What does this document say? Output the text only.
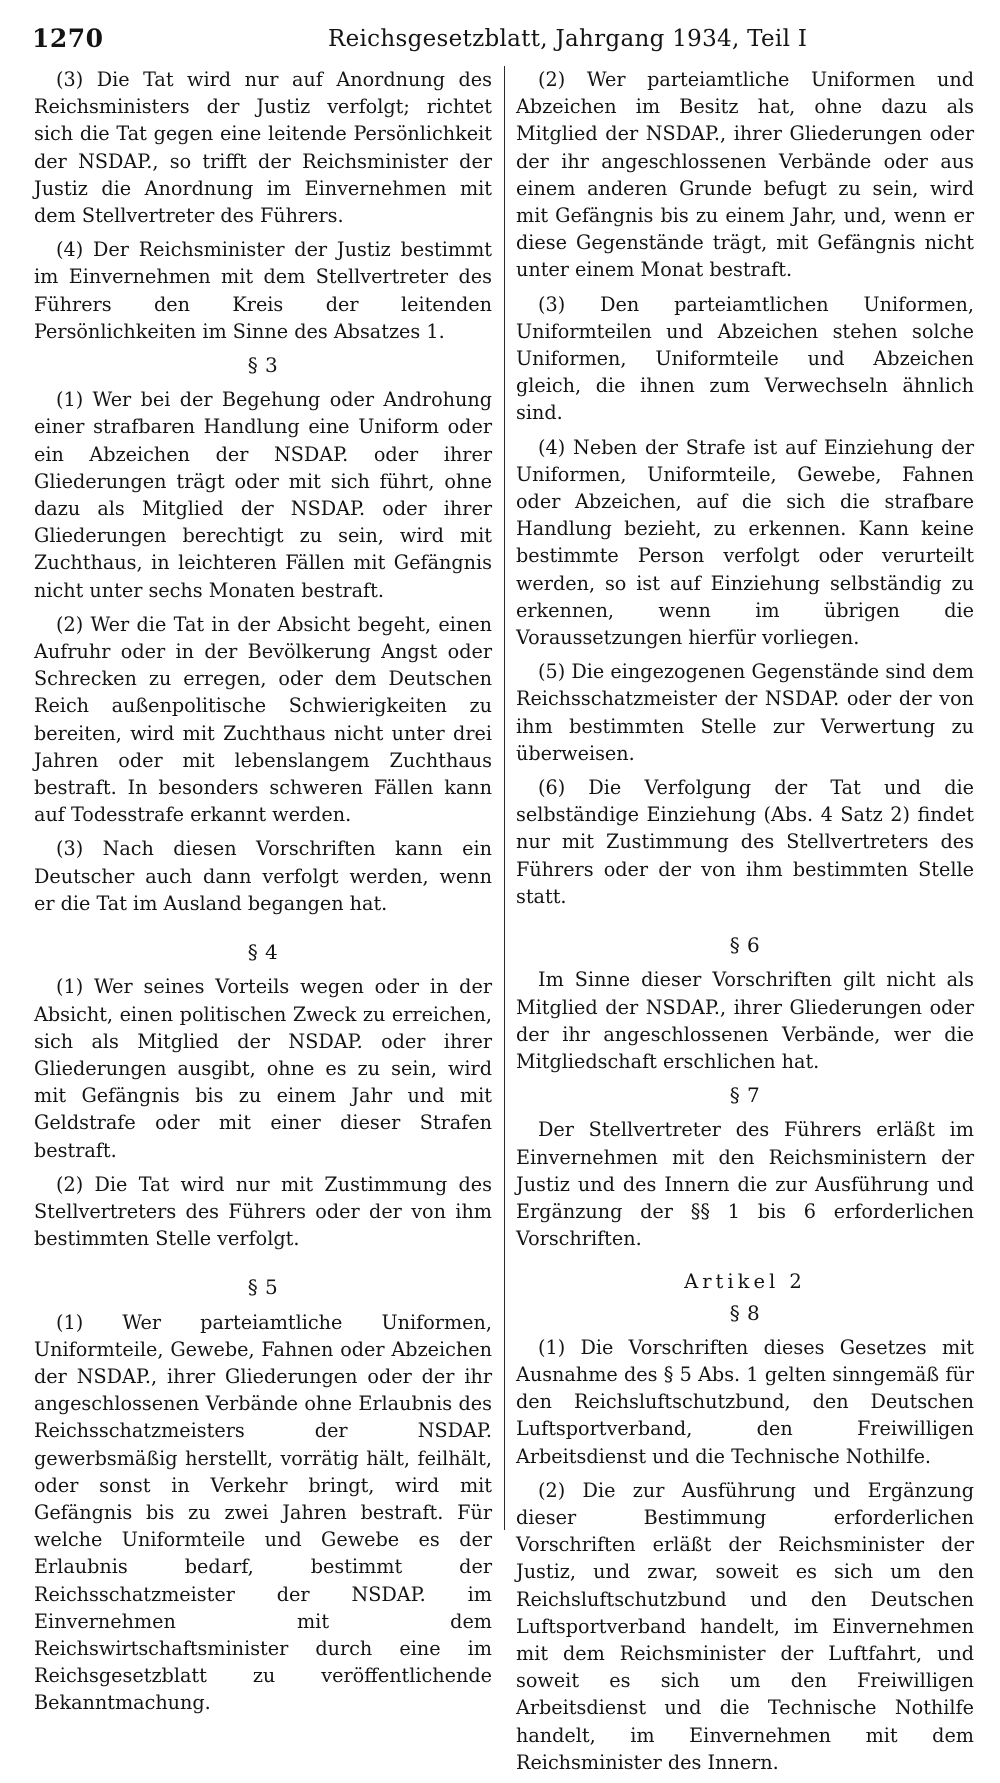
1270	Reichsgesetzblatt, Jahrgang 1934, Teil I

(3) Die Tat wird nur auf Anordnung des Reichsministers der Justiz verfolgt; richtet sich die Tat gegen eine leitende Persönlichkeit der NSDAP., so trifft der Reichsminister der Justiz die Anordnung im Einvernehmen mit dem Stellvertreter des Führers.

(4) Der Reichsminister der Justiz bestimmt im Einvernehmen mit dem Stellvertreter des Führers den Kreis der leitenden Persönlichkeiten im Sinne des Absatzes 1.

§ 3

(1) Wer bei der Begehung oder Androhung einer strafbaren Handlung eine Uniform oder ein Abzeichen der NSDAP. oder ihrer Gliederungen trägt oder mit sich führt, ohne dazu als Mitglied der NSDAP. oder ihrer Gliederungen berechtigt zu sein, wird mit Zuchthaus, in leichteren Fällen mit Gefängnis nicht unter sechs Monaten bestraft.

(2) Wer die Tat in der Absicht begeht, einen Aufruhr oder in der Bevölkerung Angst oder Schrecken zu erregen, oder dem Deutschen Reich außenpolitische Schwierigkeiten zu bereiten, wird mit Zuchthaus nicht unter drei Jahren oder mit lebenslangem Zuchthaus bestraft. In besonders schweren Fällen kann auf Todesstrafe erkannt werden.

(3) Nach diesen Vorschriften kann ein Deutscher auch dann verfolgt werden, wenn er die Tat im Ausland begangen hat.

§ 4

(1) Wer seines Vorteils wegen oder in der Absicht, einen politischen Zweck zu erreichen, sich als Mitglied der NSDAP. oder ihrer Gliederungen ausgibt, ohne es zu sein, wird mit Gefängnis bis zu einem Jahr und mit Geldstrafe oder mit einer dieser Strafen bestraft.

(2) Die Tat wird nur mit Zustimmung des Stellvertreters des Führers oder der von ihm bestimmten Stelle verfolgt.

§ 5

(1) Wer parteiamtliche Uniformen, Uniformteile, Gewebe, Fahnen oder Abzeichen der NSDAP., ihrer Gliederungen oder der ihr angeschlossenen Verbände ohne Erlaubnis des Reichsschatzmeisters der NSDAP. gewerbsmäßig herstellt, vorrätig hält, feilhält, oder sonst in Verkehr bringt, wird mit Gefängnis bis zu zwei Jahren bestraft. Für welche Uniformteile und Gewebe es der Erlaubnis bedarf, bestimmt der Reichsschatzmeister der NSDAP. im Einvernehmen mit dem Reichswirtschaftsminister durch eine im Reichsgesetzblatt zu veröffentlichende Bekanntmachung.

(2) Wer parteiamtliche Uniformen und Abzeichen im Besitz hat, ohne dazu als Mitglied der NSDAP., ihrer Gliederungen oder der ihr angeschlossenen Verbände oder aus einem anderen Grunde befugt zu sein, wird mit Gefängnis bis zu einem Jahr, und, wenn er diese Gegenstände trägt, mit Gefängnis nicht unter einem Monat bestraft.

(3) Den parteiamtlichen Uniformen, Uniformteilen und Abzeichen stehen solche Uniformen, Uniformteile und Abzeichen gleich, die ihnen zum Verwechseln ähnlich sind.

(4) Neben der Strafe ist auf Einziehung der Uniformen, Uniformteile, Gewebe, Fahnen oder Abzeichen, auf die sich die strafbare Handlung bezieht, zu erkennen. Kann keine bestimmte Person verfolgt oder verurteilt werden, so ist auf Einziehung selbständig zu erkennen, wenn im übrigen die Voraussetzungen hierfür vorliegen.

(5) Die eingezogenen Gegenstände sind dem Reichsschatzmeister der NSDAP. oder der von ihm bestimmten Stelle zur Verwertung zu überweisen.

(6) Die Verfolgung der Tat und die selbständige Einziehung (Abs. 4 Satz 2) findet nur mit Zustimmung des Stellvertreters des Führers oder der von ihm bestimmten Stelle statt.

§ 6

Im Sinne dieser Vorschriften gilt nicht als Mitglied der NSDAP., ihrer Gliederungen oder der ihr angeschlossenen Verbände, wer die Mitgliedschaft erschlichen hat.

§ 7

Der Stellvertreter des Führers erläßt im Einvernehmen mit den Reichsministern der Justiz und des Innern die zur Ausführung und Ergänzung der §§ 1 bis 6 erforderlichen Vorschriften.

Artikel 2

§ 8

(1) Die Vorschriften dieses Gesetzes mit Ausnahme des § 5 Abs. 1 gelten sinngemäß für den Reichsluftschutzbund, den Deutschen Luftsportverband, den Freiwilligen Arbeitsdienst und die Technische Nothilfe.

(2) Die zur Ausführung und Ergänzung dieser Bestimmung erforderlichen Vorschriften erläßt der Reichsminister der Justiz, und zwar, soweit es sich um den Reichsluftschutzbund und den Deutschen Luftsportverband handelt, im Einvernehmen mit dem Reichsminister der Luftfahrt, und soweit es sich um den Freiwilligen Arbeitsdienst und die Technische Nothilfe handelt, im Einvernehmen mit dem Reichsminister des Innern.
